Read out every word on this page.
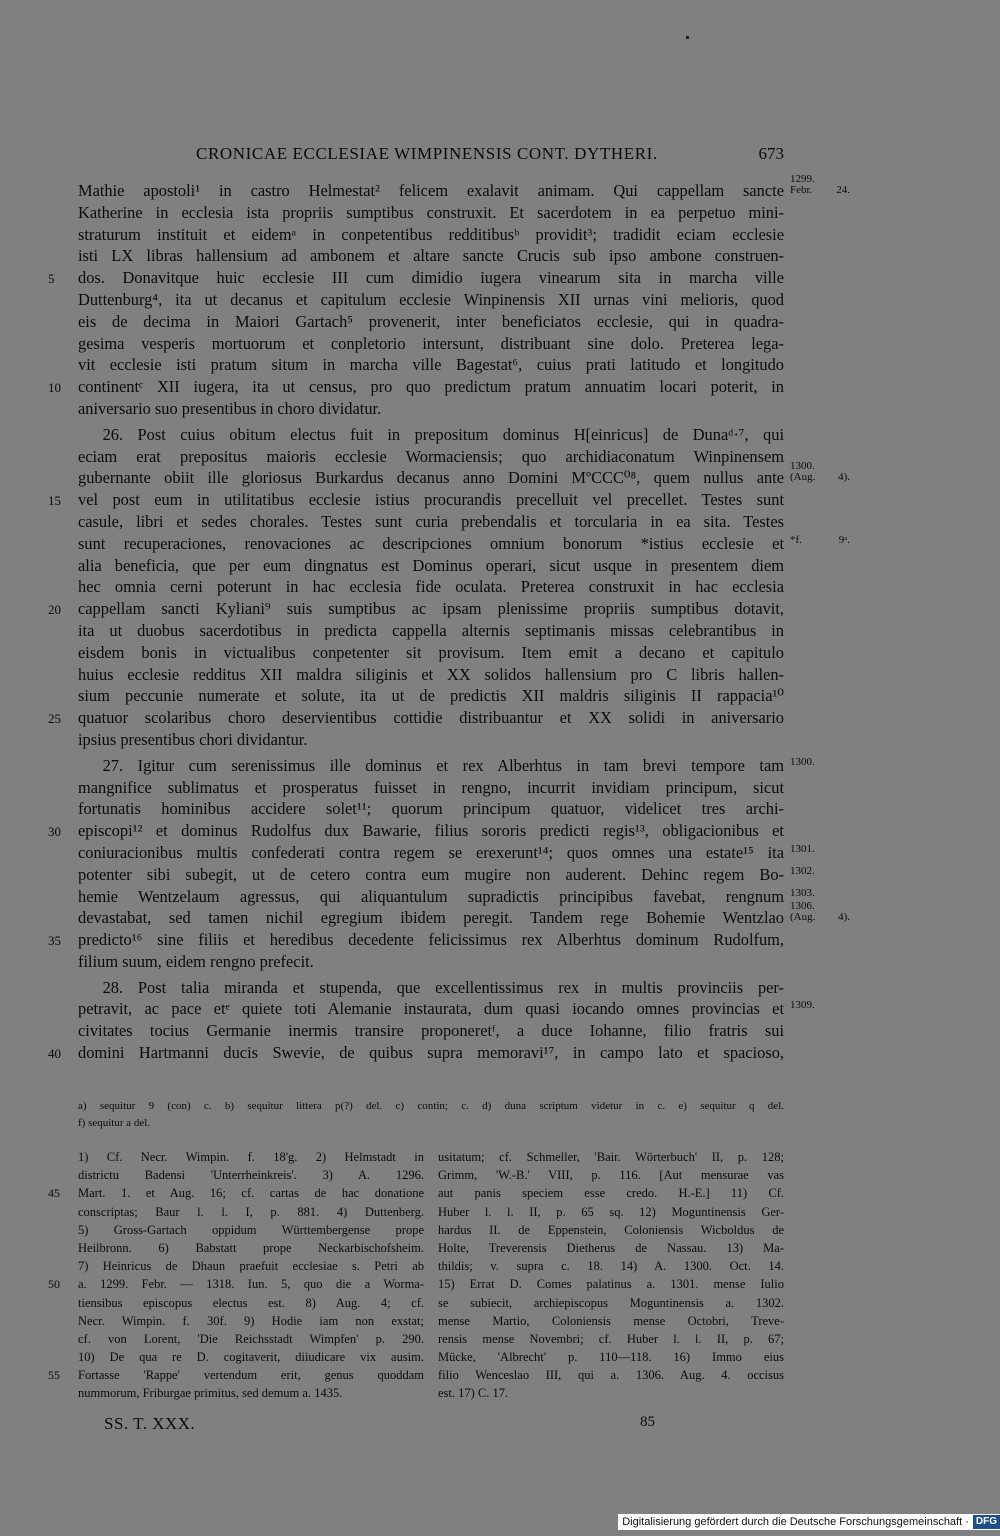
CRONICAE ECCLESIAE WIMPINENSIS CONT. DYTHERI.	673
Mathie apostoli¹ in castro Helmestat² felicem exalavit animam. Qui cappellam sancte
1299.
Febr. 24.
Katherine in ecclesia ista propriis sumptibus construxit. Et sacerdotem in ea perpetuo mini-
straturum instituit et eidemᵃ in conpetentibus redditibusᵇ providit³; tradidit eciam ecclesie
isti LX libras hallensium ad ambonem et altare sancte Crucis sub ipso ambone construen-
dos. Donavitque huic ecclesie III cum dimidio iugera vinearum sita in marcha ville
5
Duttenburg⁴, ita ut decanus et capitulum ecclesie Winpinensis XII urnas vini melioris, quod
eis de decima in Maiori Gartach⁵ provenerit, inter beneficiatos ecclesie, qui in quadra-
gesima vesperis mortuorum et conpletorio intersunt, distribuant sine dolo. Preterea lega-
vit ecclesie isti pratum situm in marcha ville Bagestat⁶, cuius prati latitudo et longitudo
continentᶜ XII iugera, ita ut census, pro quo predictum pratum annuatim locari poterit, in
10
aniversario suo presentibus in choro dividatur.
  26. Post cuius obitum electus fuit in prepositum dominus H[einricus] de Dunaᵈ·⁷, qui
eciam erat prepositus maioris ecclesie Wormaciensis; quo archidiaconatum Winpinensem
gubernante obiit ille gloriosus Burkardus decanus anno Domini MºCCC⁰⁸, quem nullus ante
1300.
(Aug. 4).
vel post eum in utilitatibus ecclesie istius procurandis precelluit vel precellet. Testes sunt
15
casule, libri et sedes chorales. Testes sunt curia prebendalis et torcularia in ea sita. Testes
sunt recuperaciones, renovaciones ac descripciones omnium bonorum *istius ecclesie et *f. 9ᵃ.
alia beneficia, que per eum dingnatus est Dominus operari, sicut usque in presentem diem
hec omnia cerni poterunt in hac ecclesia fide oculata. Preterea construxit in hac ecclesia
cappellam sancti Kyliani⁹ suis sumptibus ac ipsam plenissime propriis sumptibus dotavit,
20
ita ut duobus sacerdotibus in predicta cappella alternis septimanis missas celebrantibus in
eisdem bonis in victualibus conpetenter sit provisum. Item emit a decano et capitulo
huius ecclesie redditus XII maldra siliginis et XX solidos hallensium pro C libris hallen-
sium peccunie numerate et solute, ita ut de predictis XII maldris siliginis II rappacia¹⁰
quatuor scolaribus choro deservientibus cottidie distribuantur et XX solidi in aniversario
25
ipsius presentibus chori dividantur.
  27. Igitur cum serenissimus ille dominus et rex Alberhtus in tam brevi tempore tam 1300.
mangnifice sublimatus et prosperatus fuisset in rengno, incurrit invidiam principum, sicut
fortunatis hominibus accidere solet¹¹; quorum principum quatuor, videlicet tres archi-
episcopi¹² et dominus Rudolfus dux Bawarie, filius sororis predicti regis¹³, obligacionibus et
30
coniuracionibus multis confederati contra regem se erexerunt¹⁴; quos omnes una estate¹⁵ ita 1301.
potenter sibi subegit, ut de cetero contra eum mugire non auderent. Dehinc regem Bo- 1302.
hemie Wentzelaum agressus, qui aliquantulum supradictis principibus favebat, rengnum 1303.
devastabat, sed tamen nichil egregium ibidem peregit. Tandem rege Bohemie Wentzlao
1306.
(Aug. 4).
predicto¹⁶ sine filiis et heredibus decedente felicissimus rex Alberhtus dominum Rudolfum,
35
filium suum, eidem rengno prefecit.
  28. Post talia miranda et stupenda, que excellentissimus rex in multis provinciis per-
petravit, ac pace etᵉ quiete toti Alemanie instaurata, dum quasi iocando omnes provincias et 1309.
civitates tocius Germanie inermis transire proponeretᶠ, a duce Iohanne, filio fratris sui
domini Hartmanni ducis Swevie, de quibus supra memoravi¹⁷, in campo lato et spacioso,
40
a) sequitur 9 (con) c. b) sequitur littera p(?) del. c) contin; c. d) duna scriptum videtur in c. e) sequitur q del.
f) sequitur a del.
1) Cf. Necr. Wimpin. f. 18'g. 2) Helmstadt in
districtu Badensi 'Unterrheinkreis'. 3) A. 1296.
Mart. 1. et Aug. 16; cf. cartas de hac donatione
45
conscriptas; Baur l. l. I, p. 881. 4) Duttenberg.
5) Gross-Gartach oppidum Württembergense prope
Heilbronn. 6) Babstatt prope Neckarbischofsheim.
7) Heinricus de Dhaun praefuit ecclesiae s. Petri ab
a. 1299. Febr. — 1318. Iun. 5, quo die a Worma-
50
tiensibus episcopus electus est. 8) Aug. 4; cf.
Necr. Wimpin. f. 30f. 9) Hodie iam non exstat;
cf. von Lorent, 'Die Reichsstadt Wimpfen' p. 290.
10) De qua re D. cogitaverit, diiudicare vix ausim.
Fortasse 'Rappe' vertendum erit, genus quoddam
55
nummorum, Friburgae primitus, sed demum a. 1435.
usitatum; cf. Schmeller, 'Bair. Wörterbuch' II, p. 128;
Grimm, 'W.-B.' VIII, p. 116. [Aut mensurae vas
aut panis speciem esse credo. H.-E.] 11) Cf.
Huber l. l. II, p. 65 sq. 12) Moguntinensis Ger-
hardus II. de Eppenstein, Coloniensis Wicboldus de
Holte, Treverensis Dietherus de Nassau. 13) Ma-
thildis; v. supra c. 18. 14) A. 1300. Oct. 14.
15) Errat D. Comes palatinus a. 1301. mense Iulio
se subiecit, archiepiscopus Moguntinensis a. 1302.
mense Martio, Coloniensis mense Octobri, Treve-
rensis mense Novembri; cf. Huber l. l. II, p. 67;
Mücke, 'Albrecht' p. 110—118. 16) Immo eius
filio Wenceslao III, qui a. 1306. Aug. 4. occisus
est. 17) C. 17.
SS. T. XXX.	85
Digitalisierung gefördert durch die Deutsche Forschungsgemeinschaft · DFG
